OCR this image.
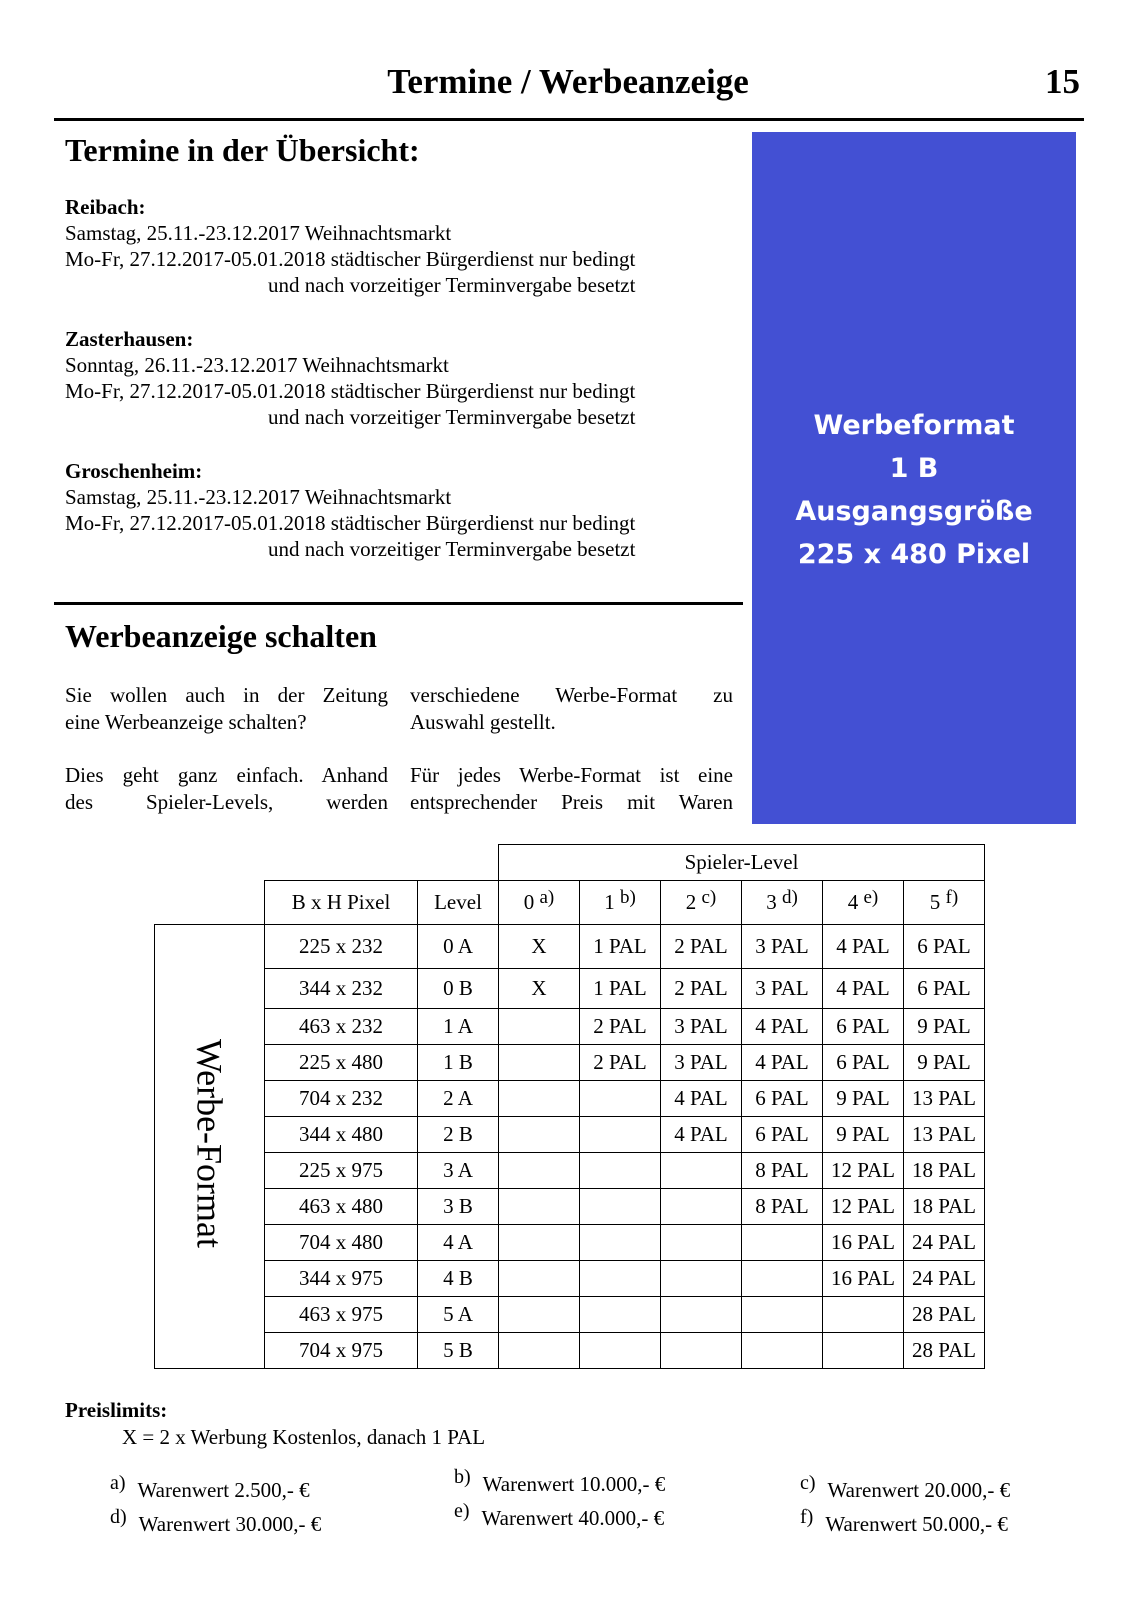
Termine / Werbeanzeige	15
Termine in der Übersicht:
Reibach:
Samstag, 25.11.-23.12.2017 Weihnachtsmarkt
Mo-Fr, 27.12.2017-05.01.2018 städtischer Bürgerdienst nur bedingt
und nach vorzeitiger Terminvergabe besetzt
Zasterhausen:
Sonntag, 26.11.-23.12.2017 Weihnachtsmarkt
Mo-Fr, 27.12.2017-05.01.2018 städtischer Bürgerdienst nur bedingt
und nach vorzeitiger Terminvergabe besetzt
Groschenheim:
Samstag, 25.11.-23.12.2017 Weihnachtsmarkt
Mo-Fr, 27.12.2017-05.01.2018 städtischer Bürgerdienst nur bedingt
und nach vorzeitiger Terminvergabe besetzt
Werbeformat
1 B
Ausgangsgröße
225 x 480 Pixel
Werbeanzeige schalten
Sie wollen auch in der Zeitung
eine Werbeanzeige schalten?
Dies geht ganz einfach. Anhand
des Spieler-Levels, werden
verschiedene Werbe-Format zu
Auswahl gestellt.
Für jedes Werbe-Format ist eine
entsprechender Preis mit Waren
			Spieler-Level					
	B x H Pixel	Level	0 a)	1 b)	2 c)	3 d)	4 e)	5 f)
Werbe-Format	225 x 232	0 A	X	1 PAL	2 PAL	3 PAL	4 PAL	6 PAL
	344 x 232	0 B	X	1 PAL	2 PAL	3 PAL	4 PAL	6 PAL
	463 x 232	1 A		2 PAL	3 PAL	4 PAL	6 PAL	9 PAL
	225 x 480	1 B		2 PAL	3 PAL	4 PAL	6 PAL	9 PAL
	704 x 232	2 A			4 PAL	6 PAL	9 PAL	13 PAL
	344 x 480	2 B			4 PAL	6 PAL	9 PAL	13 PAL
	225 x 975	3 A				8 PAL	12 PAL	18 PAL
	463 x 480	3 B				8 PAL	12 PAL	18 PAL
	704 x 480	4 A					16 PAL	24 PAL
	344 x 975	4 B					16 PAL	24 PAL
	463 x 975	5 A						28 PAL
	704 x 975	5 B						28 PAL
Preislimits:
X = 2 x Werbung Kostenlos, danach 1 PAL
a) Warenwert 2.500,- €
b) Warenwert 10.000,- €	c) Warenwert 20.000,- €
d) Warenwert 30.000,- €
e) Warenwert 40.000,- €	f) Warenwert 50.000,- €
